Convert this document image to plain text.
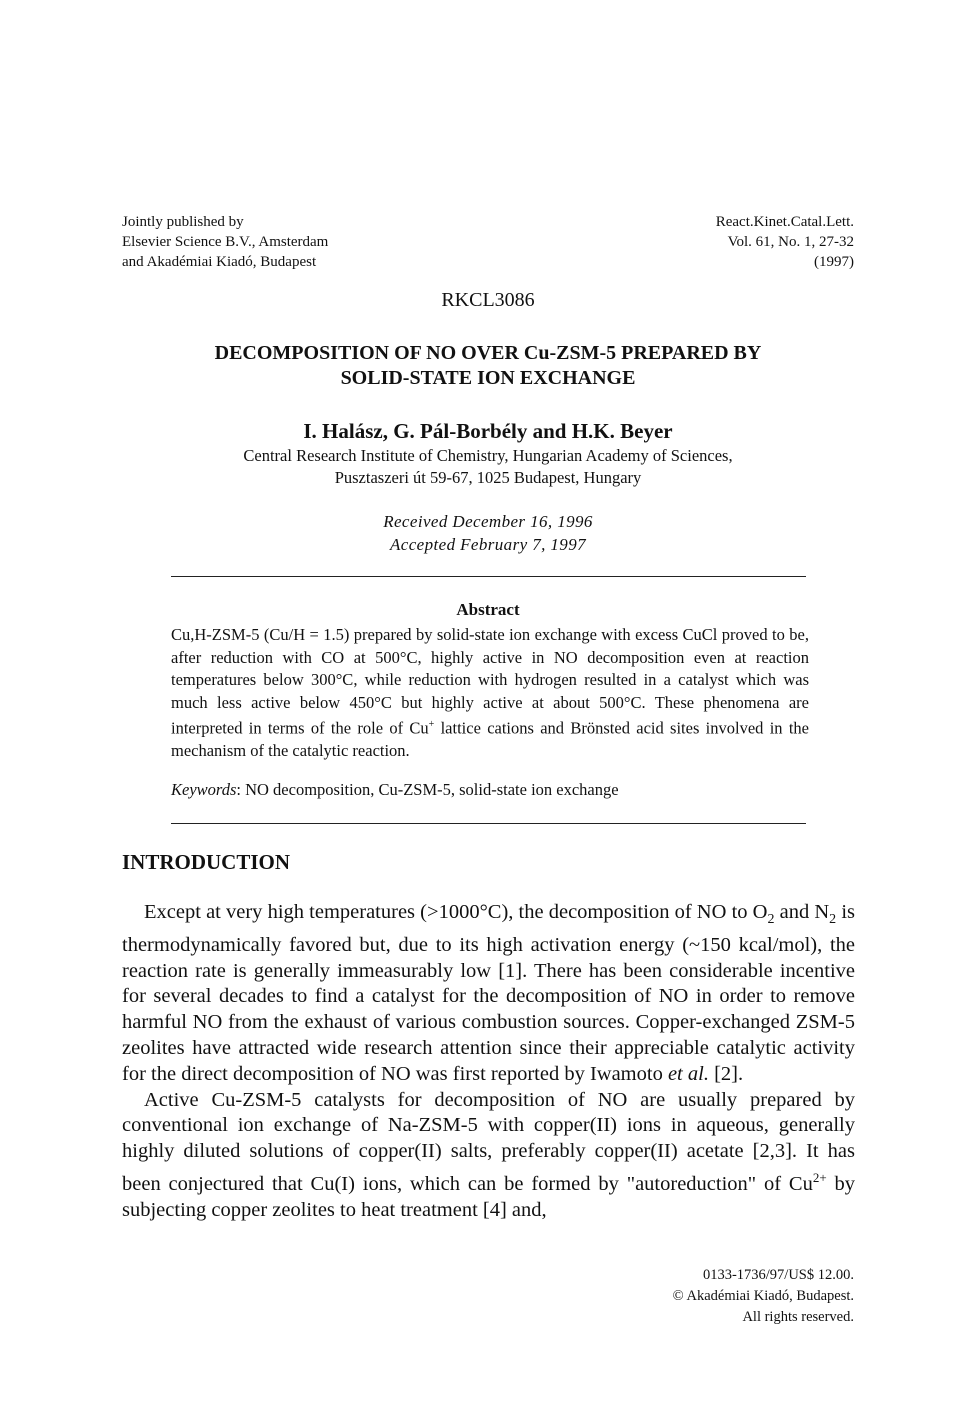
Jointly published by
Elsevier Science B.V., Amsterdam
and Akadémiai Kiadó, Budapest
React.Kinet.Catal.Lett.
Vol. 61, No. 1, 27-32
(1997)
RKCL3086
DECOMPOSITION OF NO OVER Cu-ZSM-5 PREPARED BY
SOLID-STATE ION EXCHANGE
I. Halász, G. Pál-Borbély and H.K. Beyer
Central Research Institute of Chemistry, Hungarian Academy of Sciences,
Pusztaszeri út 59-67, 1025 Budapest, Hungary
Received December 16, 1996
Accepted February 7, 1997
Abstract
Cu,H-ZSM-5 (Cu/H = 1.5) prepared by solid-state ion exchange with excess CuCl proved to be, after reduction with CO at 500°C, highly active in NO decomposition even at reaction temperatures below 300°C, while reduction with hydrogen resulted in a catalyst which was much less active below 450°C but highly active at about 500°C. These phenomena are interpreted in terms of the role of Cu+ lattice cations and Brönsted acid sites involved in the mechanism of the catalytic reaction.
Keywords: NO decomposition, Cu-ZSM-5, solid-state ion exchange
INTRODUCTION

Except at very high temperatures (>1000°C), the decomposition of NO to $O_2$ and $N_2$ is thermodynamically favored but, due to its high activation energy (~150 kcal/mol), the reaction rate is generally immeasurably low [1]. There has been considerable incentive for several decades to find a catalyst for the decomposition of NO in order to remove harmful NO from the exhaust of various combustion sources. Copper-exchanged ZSM-5 zeolites have attracted wide research attention since their appreciable catalytic activity for the direct decomposition of NO was first reported by Iwamoto et al. [2].

Active Cu-ZSM-5 catalysts for decomposition of NO are usually prepared by conventional ion exchange of Na-ZSM-5 with copper(II) ions in aqueous, generally highly diluted solutions of copper(II) salts, preferably copper(II) acetate [2,3]. It has been conjectured that Cu(I) ions, which can be formed by "autoreduction" of $Cu^{2+}$ by subjecting copper zeolites to heat treatment [4] and,

0133-1736/97/US$ 12.00.
© Akadémiai Kiadó, Budapest.
All rights reserved.
